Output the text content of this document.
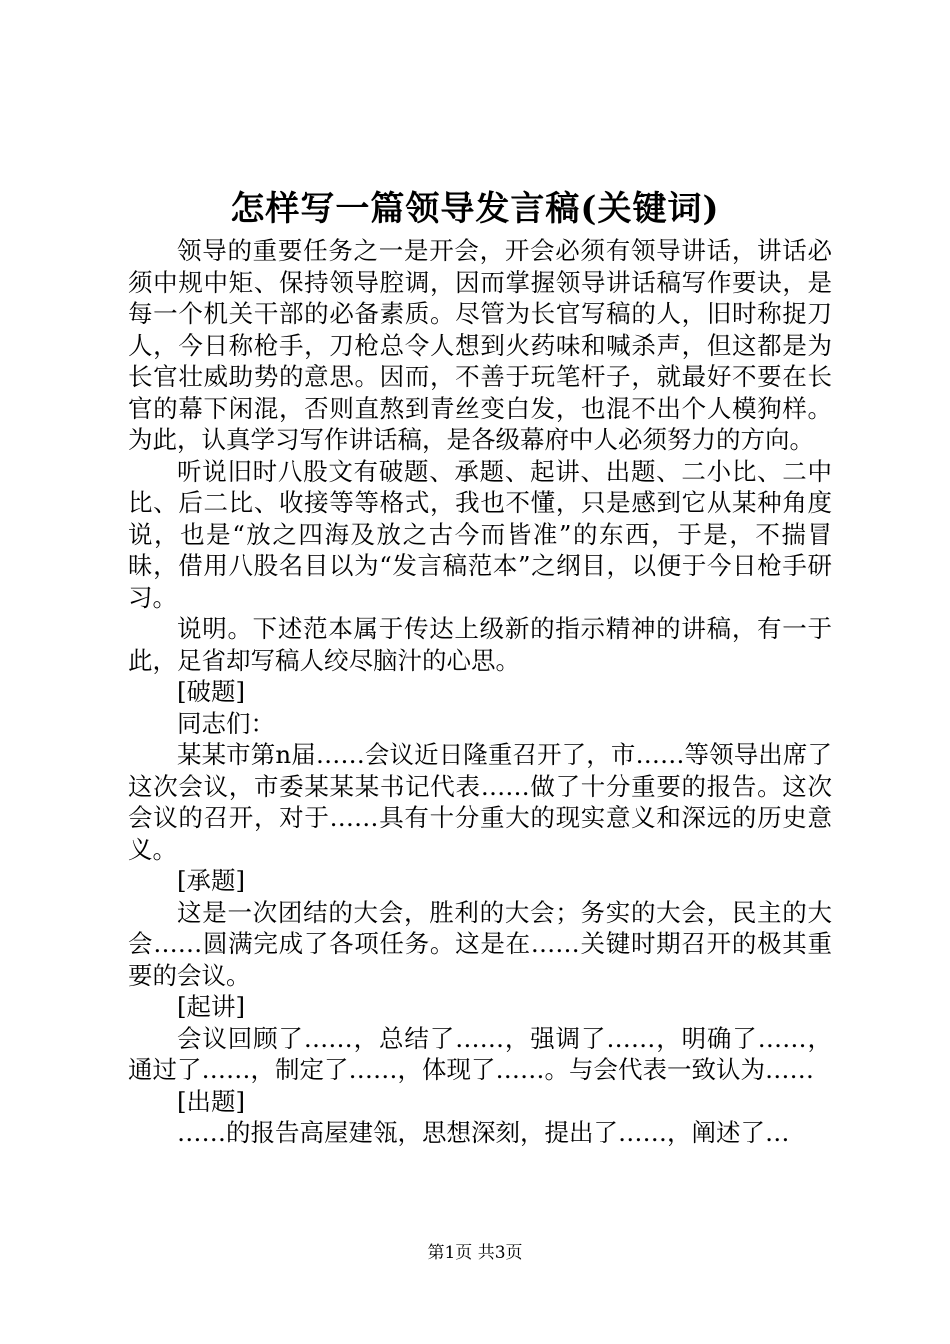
怎样写一篇领导发言稿(关键词)

领导的重要任务之一是开会，开会必须有领导讲话，讲话必须中规中矩、保持领导腔调，因而掌握领导讲话稿写作要诀，是每一个机关干部的必备素质。尽管为长官写稿的人，旧时称捉刀人，今日称枪手，刀枪总令人想到火药味和喊杀声，但这都是为长官壮威助势的意思。因而，不善于玩笔杆子，就最好不要在长官的幕下闲混，否则直熬到青丝变白发，也混不出个人模狗样。为此，认真学习写作讲话稿，是各级幕府中人必须努力的方向。

听说旧时八股文有破题、承题、起讲、出题、二小比、二中比、后二比、收接等等格式，我也不懂，只是感到它从某种角度说，也是“放之四海及放之古今而皆准”的东西，于是，不揣冒昧，借用八股名目以为“发言稿范本”之纲目，以便于今日枪手研习。

说明。下述范本属于传达上级新的指示精神的讲稿，有一于此，足省却写稿人绞尽脑汁的心思。

[破题]

同志们：

某某市第n届……会议近日隆重召开了，市……等领导出席了这次会议，市委某某某书记代表……做了十分重要的报告。这次会议的召开，对于……具有十分重大的现实意义和深远的历史意义。

[承题]

这是一次团结的大会，胜利的大会；务实的大会，民主的大会……圆满完成了各项任务。这是在……关键时期召开的极其重要的会议。

[起讲]

会议回顾了……，总结了……，强调了……，明确了……，通过了……，制定了……，体现了……。与会代表一致认为……

[出题]

……的报告高屋建瓴，思想深刻，提出了……，阐述了…

第1页 共3页
